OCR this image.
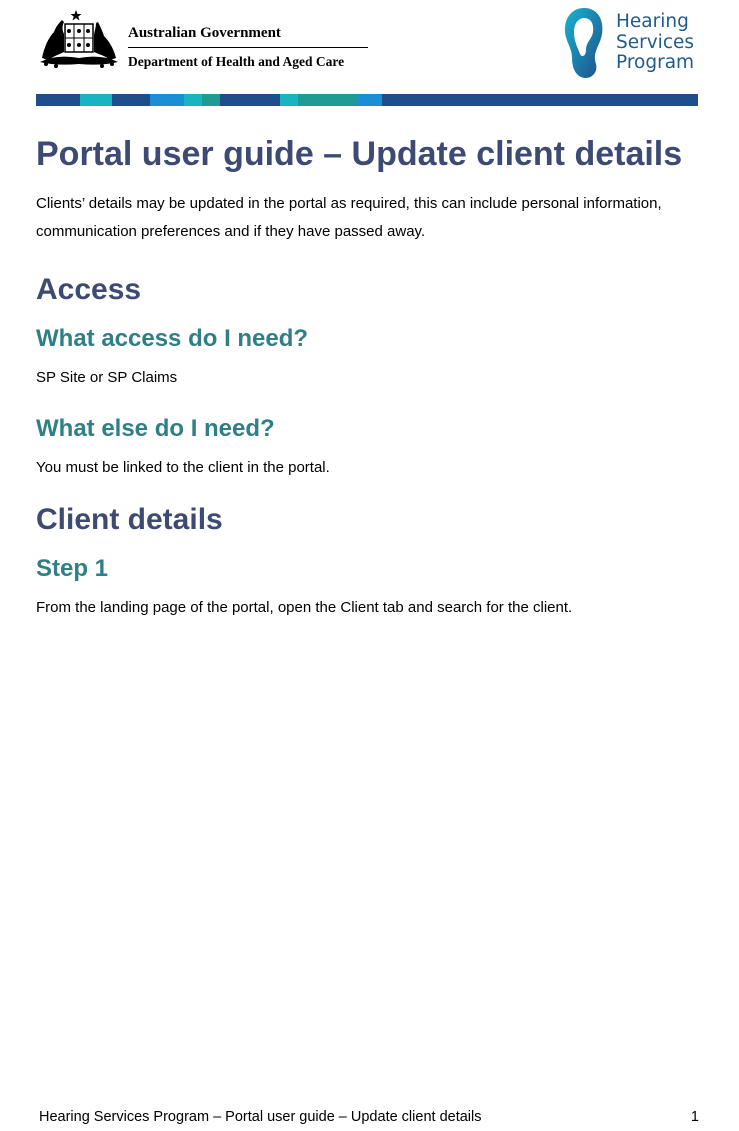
Australian Government
Department of Health and Aged Care
Hearing
Services
Program
Portal user guide – Update client details

Clients’ details may be updated in the portal as required, this can include personal information, communication preferences and if they have passed away.

Access
What access do I need?

SP Site or SP Claims

What else do I need?

You must be linked to the client in the portal.

Client details
Step 1

From the landing page of the portal, open the Client tab and search for the client.

Hearing Services Program – Portal user guide – Update client details	1
